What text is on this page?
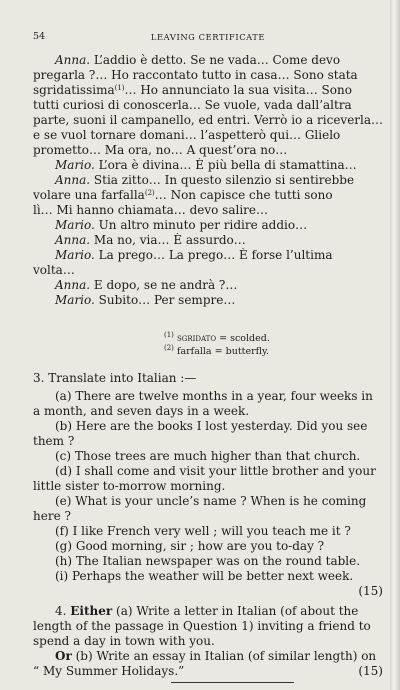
54	LEAVING CERTIFICATE
Anna. L’addio è detto. Se ne vada… Come devo
pregarla ?… Ho raccontato tutto in casa… Sono stata
sgridatissima$^{(1)}$… Ho annunciato la sua visita… Sono
tutti curiosi di conoscerla… Se vuole, vada dall’altra
parte, suoni il campanello, ed entri. Verrò io a riceverla…
e se vuol tornare domani… l’aspetterò qui… Glielo
prometto… Ma ora, no… A quest’ora no…
Mario. L’ora è divina… È più bella di stamattina…
Anna. Stia zitto… In questo silenzio si sentirebbe
volare una farfalla$^{(2)}$… Non capisce che tutti sono
lì… Mi hanno chiamata… devo salire…
Mario. Un altro minuto per ridire addio…
Anna. Ma no, via… È assurdo…
Mario. La prego… La prego… È forse l’ultima
volta…
Anna. E dopo, se ne andrà ?…
Mario. Subito… Per sempre…
$^{(1)}$ sgridato = scolded.
$^{(2)}$ farfalla = butterfly.
3. Translate into Italian :—
(a) There are twelve months in a year, four weeks in
a month, and seven days in a week.
(b) Here are the books I lost yesterday. Did you see
them ?
(c) Those trees are much higher than that church.
(d) I shall come and visit your little brother and your
little sister to-morrow morning.
(e) What is your uncle’s name ? When is he coming
here ?
(f) I like French very well ; will you teach me it ?
(g) Good morning, sir ; how are you to-day ?
(h) The Italian newspaper was on the round table.
(i) Perhaps the weather will be better next week.
(15)
4. Either (a) Write a letter in Italian (of about the
length of the passage in Question 1) inviting a friend to
spend a day in town with you.
Or (b) Write an essay in Italian (of similar length) on
“ My Summer Holidays.”	(15)
